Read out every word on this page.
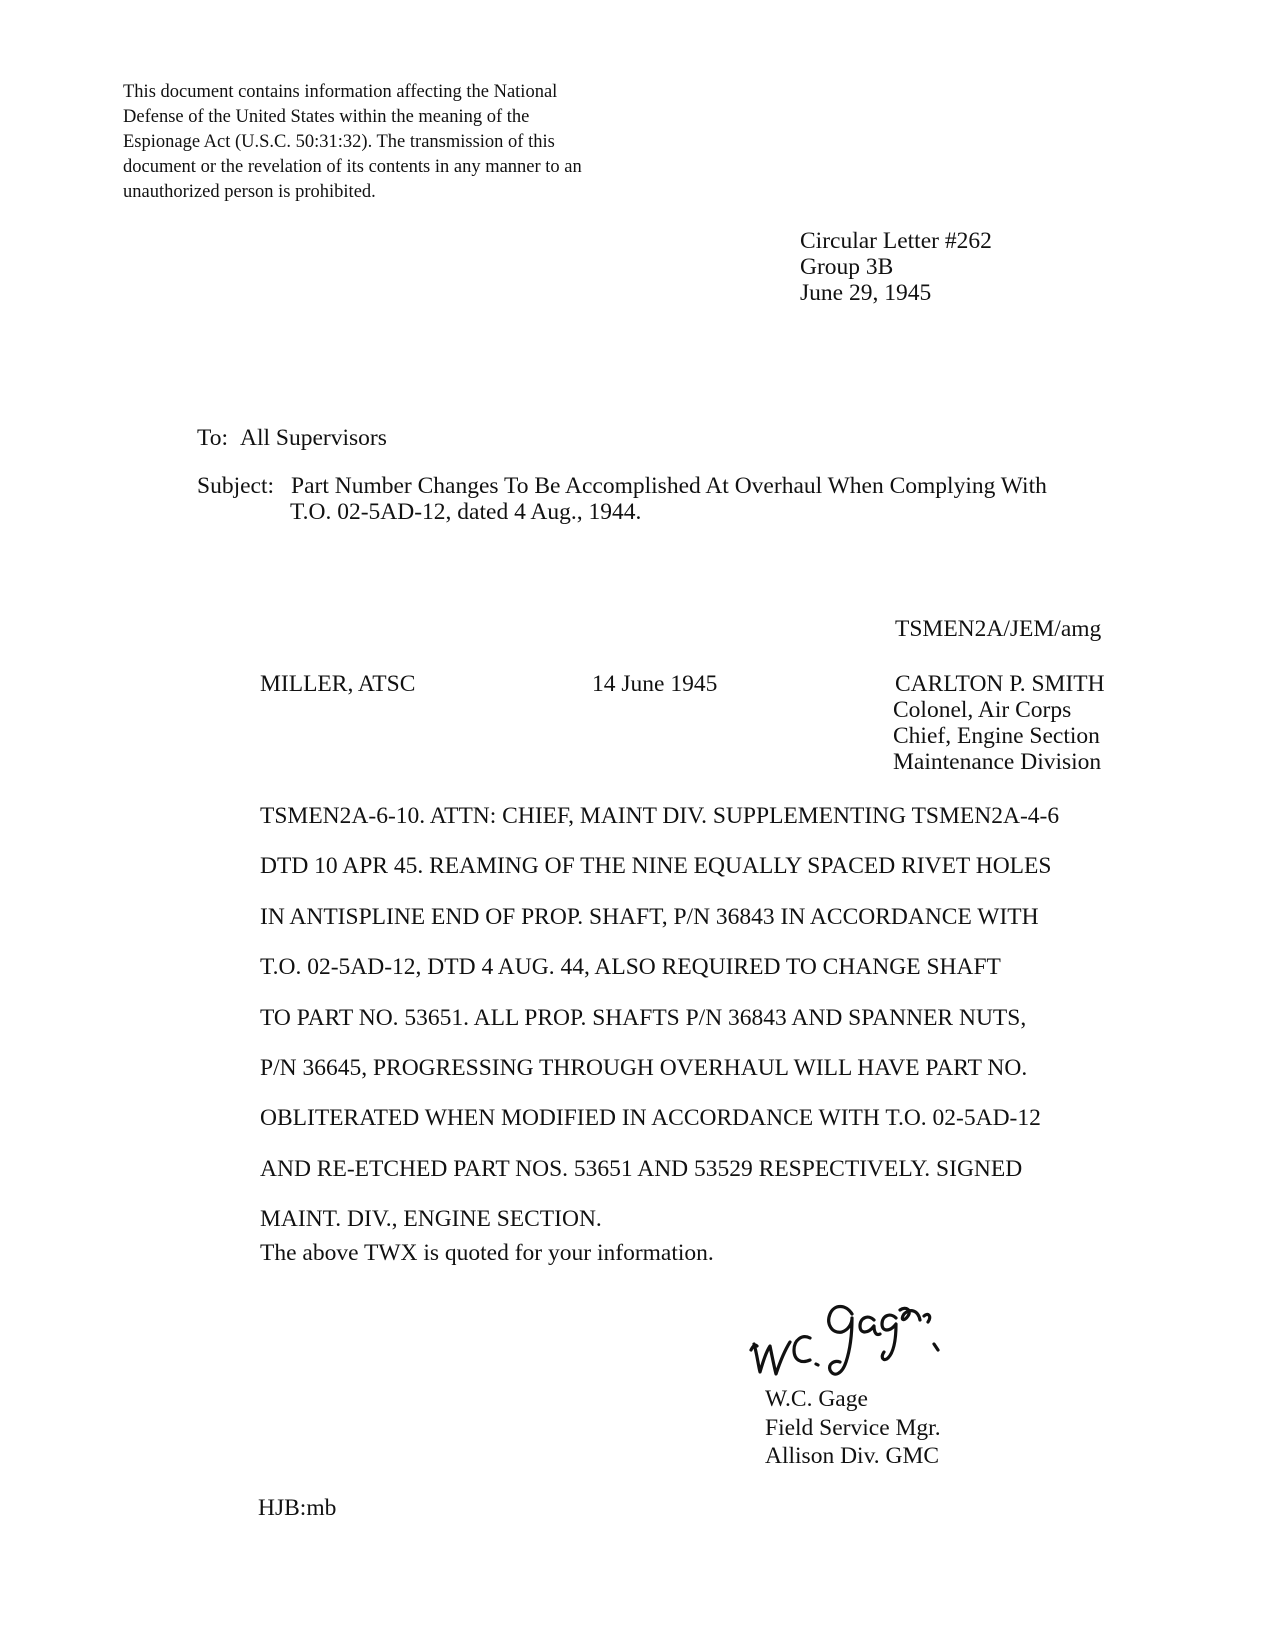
This document contains information affecting the National
Defense of the United States within the meaning of the
Espionage Act (U.S.C. 50:31:32). The transmission of this
document or the revelation of its contents in any manner to an
unauthorized person is prohibited.
Circular Letter #262
Group 3B
June 29, 1945
To: All Supervisors
Subject: Part Number Changes To Be Accomplished At Overhaul When Complying With
T.O. 02-5AD-12, dated 4 Aug., 1944.
TSMEN2A/JEM/amg
MILLER, ATSC	14 June 1945	CARLTON P. SMITH
Colonel, Air Corps
Chief, Engine Section
Maintenance Division
TSMEN2A-6-10. ATTN: CHIEF, MAINT DIV. SUPPLEMENTING TSMEN2A-4-6
DTD 10 APR 45. REAMING OF THE NINE EQUALLY SPACED RIVET HOLES
IN ANTISPLINE END OF PROP. SHAFT, P/N 36843 IN ACCORDANCE WITH
T.O. 02-5AD-12, DTD 4 AUG. 44, ALSO REQUIRED TO CHANGE SHAFT
TO PART NO. 53651. ALL PROP. SHAFTS P/N 36843 AND SPANNER NUTS,
P/N 36645, PROGRESSING THROUGH OVERHAUL WILL HAVE PART NO.
OBLITERATED WHEN MODIFIED IN ACCORDANCE WITH T.O. 02-5AD-12
AND RE-ETCHED PART NOS. 53651 AND 53529 RESPECTIVELY. SIGNED
MAINT. DIV., ENGINE SECTION.
The above TWX is quoted for your information.
W.C. Gage
W.C. Gage
Field Service Mgr.
Allison Div. GMC
HJB:mb
